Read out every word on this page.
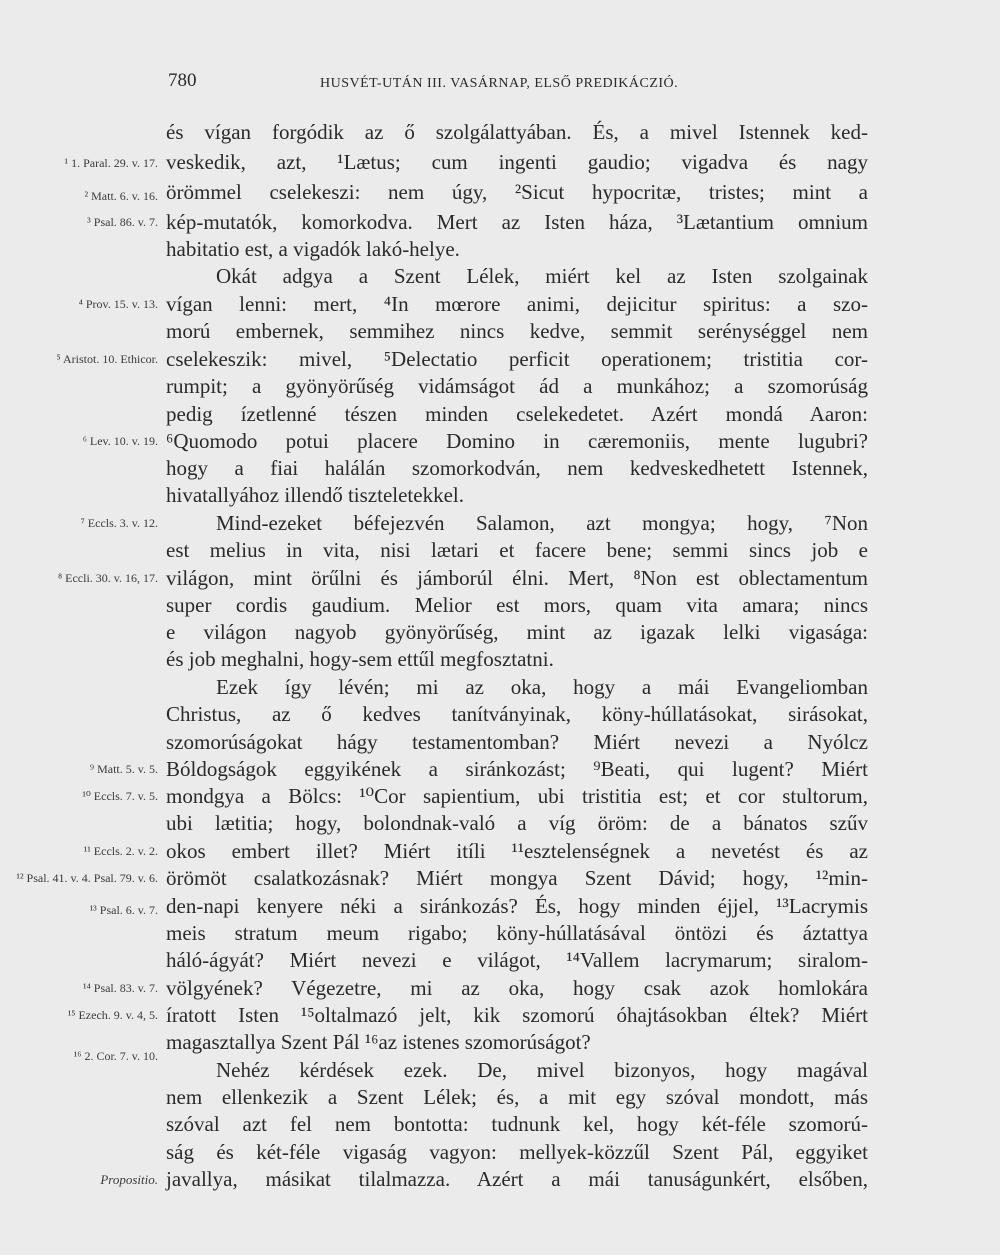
780	HUSVÉT-UTÁN III. VASÁRNAP, ELSŐ PREDIKÁCZIÓ.
és vígan forgódik az ő szolgálattyában. És, a mivel Istennek ked-
veskedik, azt, ¹Lætus; cum ingenti gaudio; vigadva és nagy
örömmel cselekeszi: nem úgy, ²Sicut hypocritæ, tristes; mint a
kép-mutatók, komorkodva. Mert az Isten háza, ³Lætantium omnium
habitatio est, a vigadók lakó-helye.
Okát adgya a Szent Lélek, miért kel az Isten szolgainak
vígan lenni: mert, ⁴In mœrore animi, dejicitur spiritus: a szo-
morú embernek, semmihez nincs kedve, semmit serénységgel nem
cselekeszik: mivel, ⁵Delectatio perficit operationem; tristitia cor-
rumpit; a gyönyörűség vidámságot ád a munkához; a szomorúság
pedig ízetlenné tészen minden cselekedetet. Azért mondá Aaron:
⁶Quomodo potui placere Domino in cæremoniis, mente lugubri?
hogy a fiai halálán szomorkodván, nem kedveskedhetett Istennek,
hivatallyához illendő tiszteletekkel.
Mind-ezeket béfejezvén Salamon, azt mongya; hogy, ⁷Non
est melius in vita, nisi lætari et facere bene; semmi sincs job e
világon, mint örűlni és jámborúl élni. Mert, ⁸Non est oblectamentum
super cordis gaudium. Melior est mors, quam vita amara; nincs
e világon nagyob gyönyörűség, mint az igazak lelki vigasága:
és job meghalni, hogy-sem ettűl megfosztatni.
Ezek így lévén; mi az oka, hogy a mái Evangeliomban
Christus, az ő kedves tanítványinak, köny-húllatásokat, sirásokat,
szomorúságokat hágy testamentomban? Miért nevezi a Nyólcz
Bóldogságok eggyikének a siránkozást; ⁹Beati, qui lugent? Miért
mondgya a Bölcs: ¹⁰Cor sapientium, ubi tristitia est; et cor stultorum,
ubi lætitia; hogy, bolondnak-való a víg öröm: de a bánatos szűv
okos embert illet? Miért itíli ¹¹esztelenségnek a nevetést és az
örömöt csalatkozásnak? Miért mongya Szent Dávid; hogy, ¹²min-
den-napi kenyere néki a siránkozás? És, hogy minden éjjel, ¹³Lacrymis
meis stratum meum rigabo; köny-húllatásával öntözi és áztattya
háló-ágyát? Miért nevezi e világot, ¹⁴Vallem lacrymarum; siralom-
völgyének? Végezetre, mi az oka, hogy csak azok homlokára
íratott Isten ¹⁵oltalmazó jelt, kik szomorú óhajtásokban éltek? Miért
magasztallya Szent Pál ¹⁶az istenes szomorúságot?
Nehéz kérdések ezek. De, mivel bizonyos, hogy magával
nem ellenkezik a Szent Lélek; és, a mit egy szóval mondott, más
szóval azt fel nem bontotta: tudnunk kel, hogy két-féle szomorú-
ság és két-féle vigaság vagyon: mellyek-közzűl Szent Pál, eggyiket
javallya, másikat tilalmazza. Azért a mái tanuságunkért, elsőben,
¹ 1. Paral. 29. v. 17.
² Matt. 6. v. 16.
³ Psal. 86. v. 7.
⁴ Prov. 15. v. 13.
⁵ Aristot. 10. Ethicor.
⁶ Lev. 10. v. 19.
⁷ Eccls. 3. v. 12.
⁸ Eccli. 30. v. 16, 17.
⁹ Matt. 5. v. 5.
¹⁰ Eccls. 7. v. 5.
¹¹ Eccls. 2. v. 2.
¹² Psal. 41. v. 4. Psal. 79. v. 6.
¹³ Psal. 6. v. 7.
¹⁴ Psal. 83. v. 7.
¹⁵ Ezech. 9. v. 4, 5.
¹⁶ 2. Cor. 7. v. 10.
Propositio.
